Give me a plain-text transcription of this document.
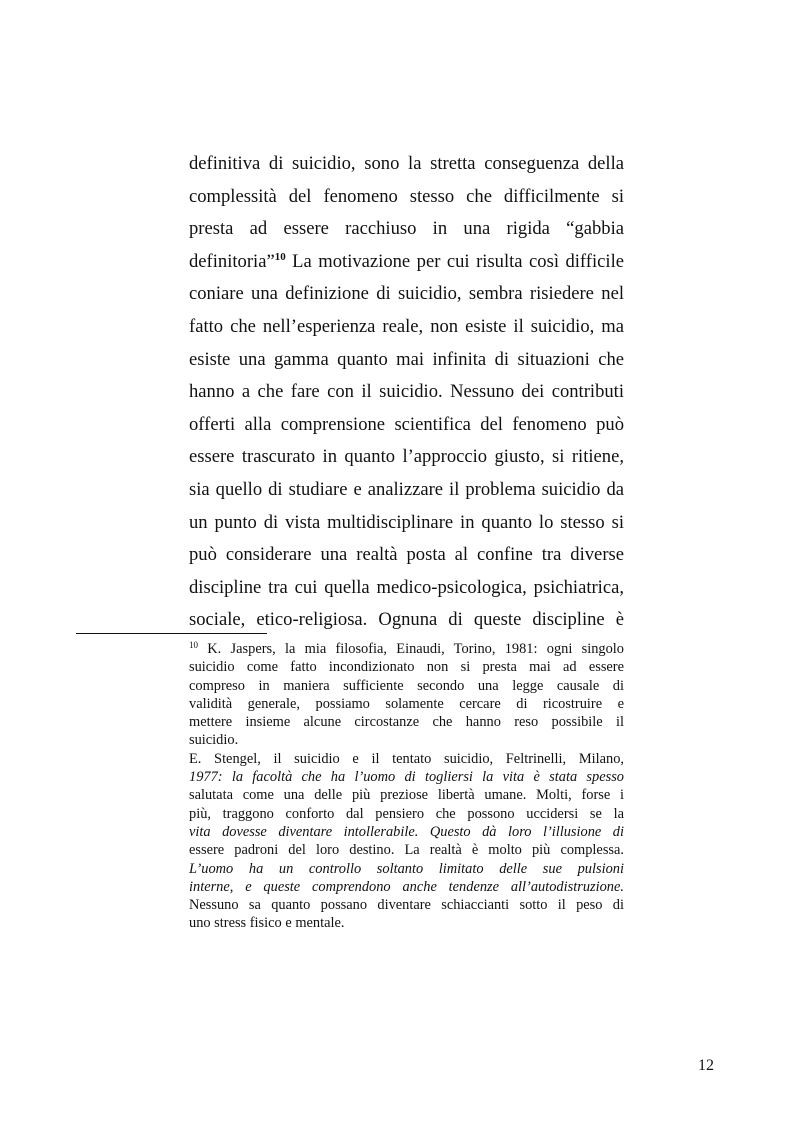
definitiva di suicidio, sono la stretta conseguenza della
complessità del fenomeno stesso che difficilmente si
presta ad essere racchiuso in una rigida “gabbia
definitoria”$^{10}$ La motivazione per cui risulta così difficile
coniare una definizione di suicidio, sembra risiedere nel
fatto che nell’esperienza reale, non esiste il suicidio, ma
esiste una gamma quanto mai infinita di situazioni che
hanno a che fare con il suicidio. Nessuno dei contributi
offerti alla comprensione scientifica del fenomeno può
essere trascurato in quanto l’approccio giusto, si ritiene,
sia quello di studiare e analizzare il problema suicidio da
un punto di vista multidisciplinare in quanto lo stesso si
può considerare una realtà posta al confine tra diverse
discipline tra cui quella medico-psicologica, psichiatrica,
sociale, etico-religiosa. Ognuna di queste discipline è
$^{10}$ K. Jaspers, la mia filosofia, Einaudi, Torino, 1981: ogni singolo
suicidio come fatto incondizionato non si presta mai ad essere
compreso in maniera sufficiente secondo una legge causale di
validità generale, possiamo solamente cercare di ricostruire e
mettere insieme alcune circostanze che hanno reso possibile il
suicidio.
E. Stengel, il suicidio e il tentato suicidio, Feltrinelli, Milano,
1977: la facoltà che ha l’uomo di togliersi la vita è stata spesso
salutata come una delle più preziose libertà umane. Molti, forse i
più, traggono conforto dal pensiero che possono uccidersi se la
vita dovesse diventare intollerabile. Questo dà loro l’illusione di
essere padroni del loro destino. La realtà è molto più complessa.
L’uomo ha un controllo soltanto limitato delle sue pulsioni
interne, e queste comprendono anche tendenze all’autodistruzione.
Nessuno sa quanto possano diventare schiaccianti sotto il peso di
uno stress fisico e mentale.
12
